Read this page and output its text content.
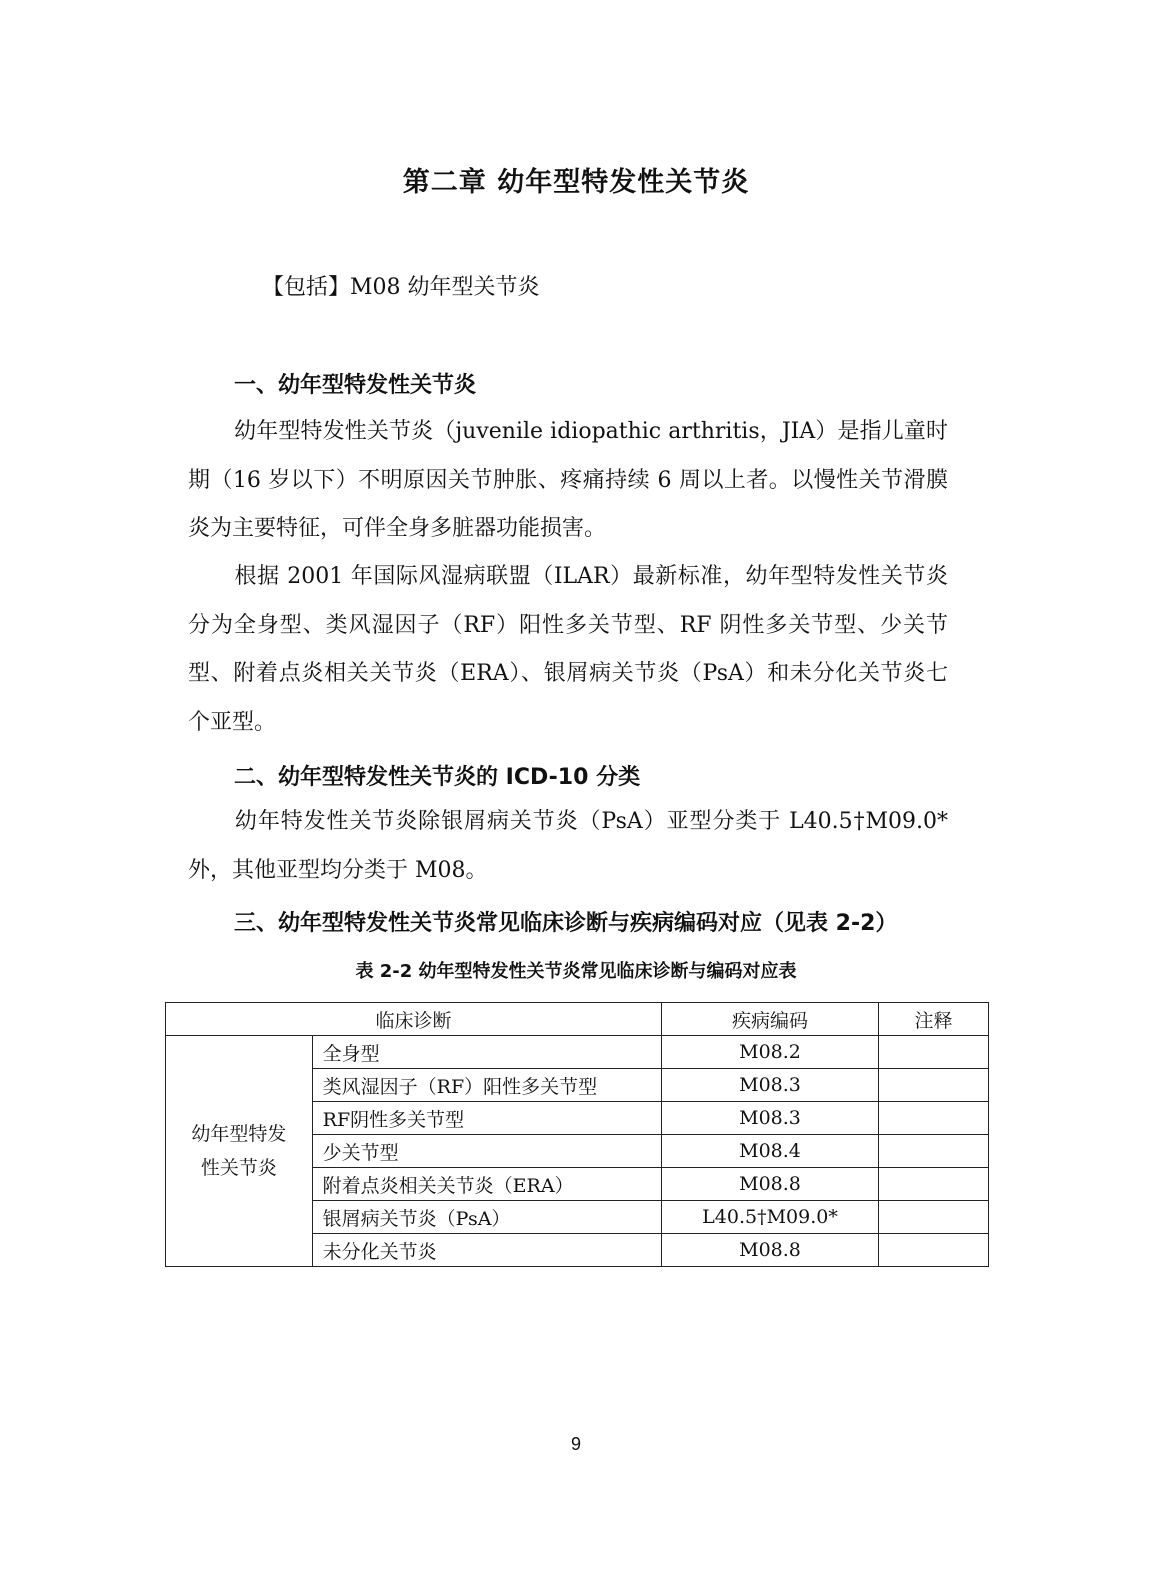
第二章 幼年型特发性关节炎
【包括】M08 幼年型关节炎
一、幼年型特发性关节炎

幼年型特发性关节炎（juvenile idiopathic arthritis，JIA）是指儿童时期（16 岁以下）不明原因关节肿胀、疼痛持续 6 周以上者。以慢性关节滑膜炎为主要特征，可伴全身多脏器功能损害。

根据 2001 年国际风湿病联盟（ILAR）最新标准，幼年型特发性关节炎分为全身型、类风湿因子（RF）阳性多关节型、RF 阴性多关节型、少关节型、附着点炎相关关节炎（ERA）、银屑病关节炎（PsA）和未分化关节炎七个亚型。

二、幼年型特发性关节炎的 ICD-10 分类

幼年特发性关节炎除银屑病关节炎（PsA）亚型分类于 L40.5†M09.0*外，其他亚型均分类于 M08。

三、幼年型特发性关节炎常见临床诊断与疾病编码对应（见表 2-2）
表 2-2 幼年型特发性关节炎常见临床诊断与编码对应表
临床诊断		疾病编码	注释
幼年型特发
性关节炎	全身型	M08.2	
	类风湿因子（RF）阳性多关节型	M08.3	
	RF阴性多关节型	M08.3	
	少关节型	M08.4	
	附着点炎相关关节炎（ERA）	M08.8	
	银屑病关节炎（PsA）	L40.5†M09.0*	
	未分化关节炎	M08.8	
9
